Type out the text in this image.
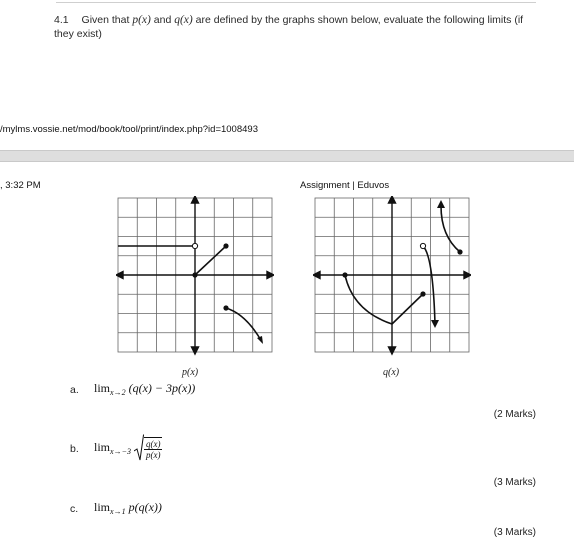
4.1 Given that p(x) and q(x) are defined by the graphs shown below, evaluate the following limits (if they exist)
/mylms.vossie.net/mod/book/tool/print/index.php?id=1008493
, 3:32 PM	Assignment | Eduvos
p(x)	q(x)
a. $\lim_{x\to 2} (q(x) - 3p(x))$
(2 Marks)
b. $\lim_{x\to-3} \frac{q(x)}{p(x)}$
(3 Marks)
c. $\lim_{x\to 1} p(q(x))$
(3 Marks)
